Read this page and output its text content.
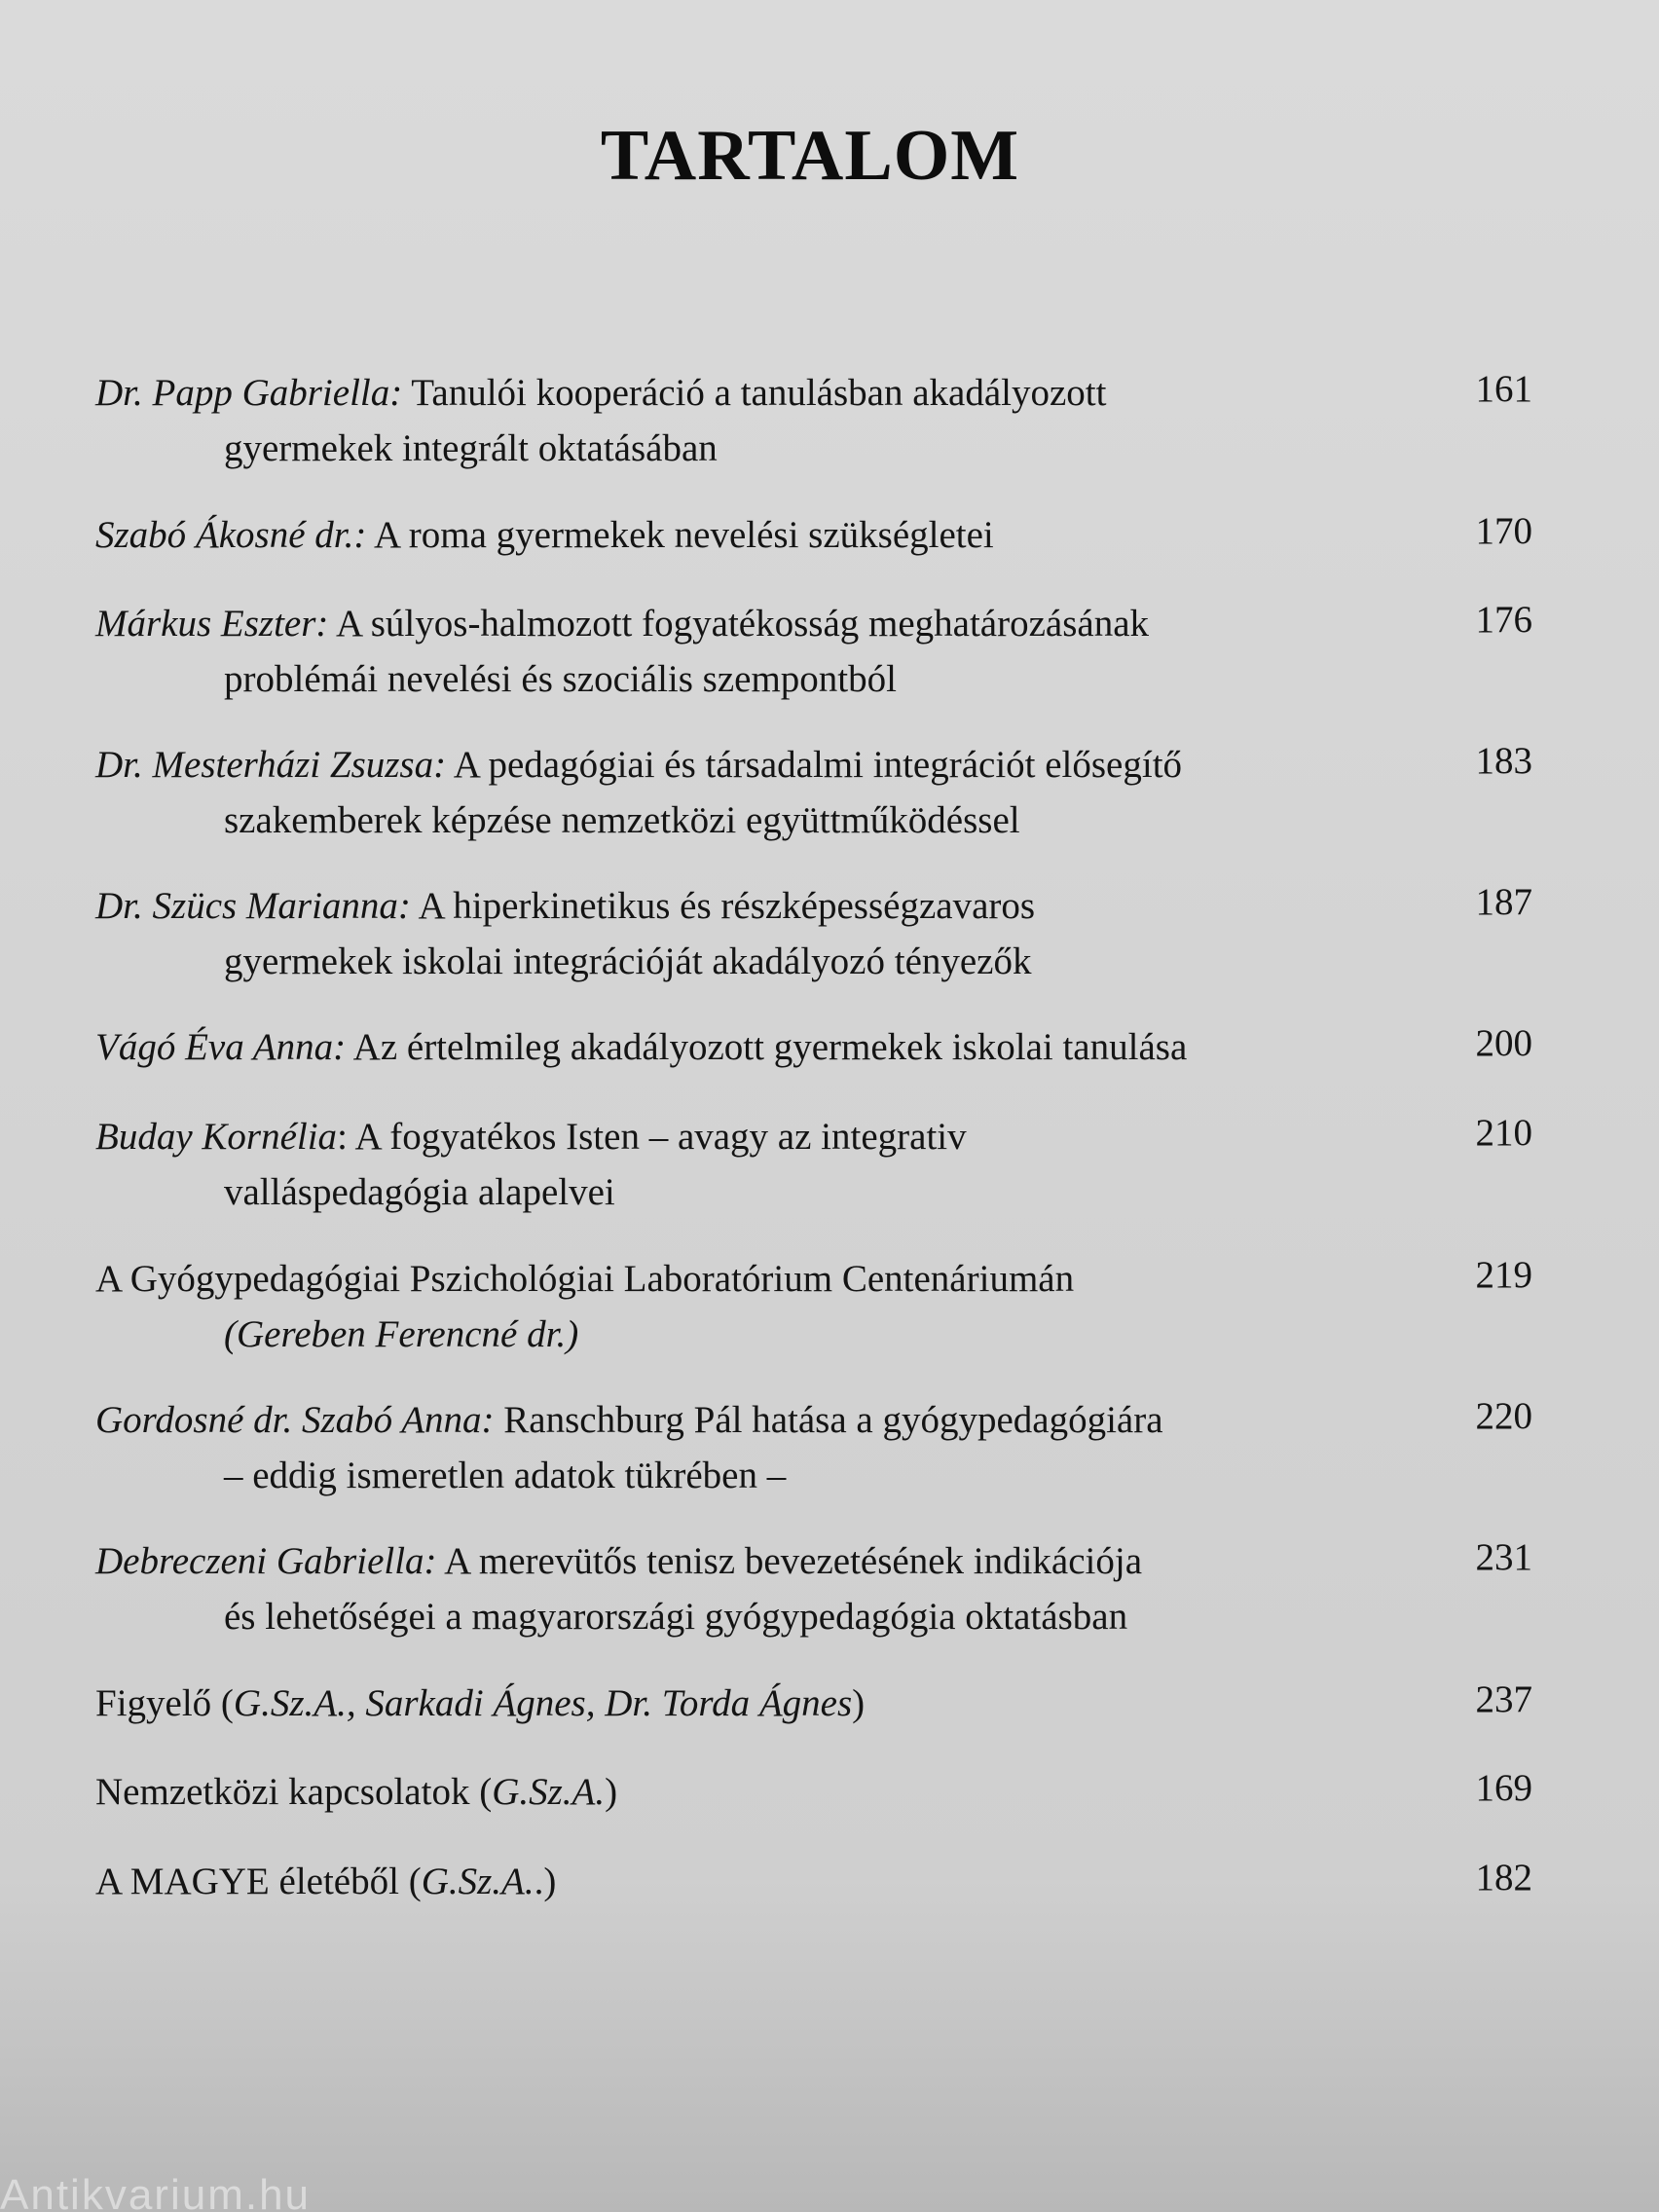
TARTALOM
Dr. Papp Gabriella: Tanulói kooperáció a tanulásban akadályozott
gyermekek integrált oktatásában
161
Szabó Ákosné dr.: A roma gyermekek nevelési szükségletei	170
Márkus Eszter: A súlyos-halmozott fogyatékosság meghatározásának
problémái nevelési és szociális szempontból
176
Dr. Mesterházi Zsuzsa: A pedagógiai és társadalmi integrációt elősegítő
szakemberek képzése nemzetközi együttműködéssel
183
Dr. Szücs Marianna: A hiperkinetikus és részképességzavaros
gyermekek iskolai integrációját akadályozó tényezők
187
Vágó Éva Anna: Az értelmileg akadályozott gyermekek iskolai tanulása	200
Buday Kornélia: A fogyatékos Isten – avagy az integrativ
valláspedagógia alapelvei
210
A Gyógypedagógiai Pszichológiai Laboratórium Centenáriumán
(Gereben Ferencné dr.)
219
Gordosné dr. Szabó Anna: Ranschburg Pál hatása a gyógypedagógiára
– eddig ismeretlen adatok tükrében –
220
Debreczeni Gabriella: A merevütős tenisz bevezetésének indikációja
és lehetőségei a magyarországi gyógypedagógia oktatásban
231
Figyelő (G.Sz.A., Sarkadi Ágnes, Dr. Torda Ágnes)	237
Nemzetközi kapcsolatok (G.Sz.A.)	169
A MAGYE életéből (G.Sz.A..)	182
Antikvarium.hu
